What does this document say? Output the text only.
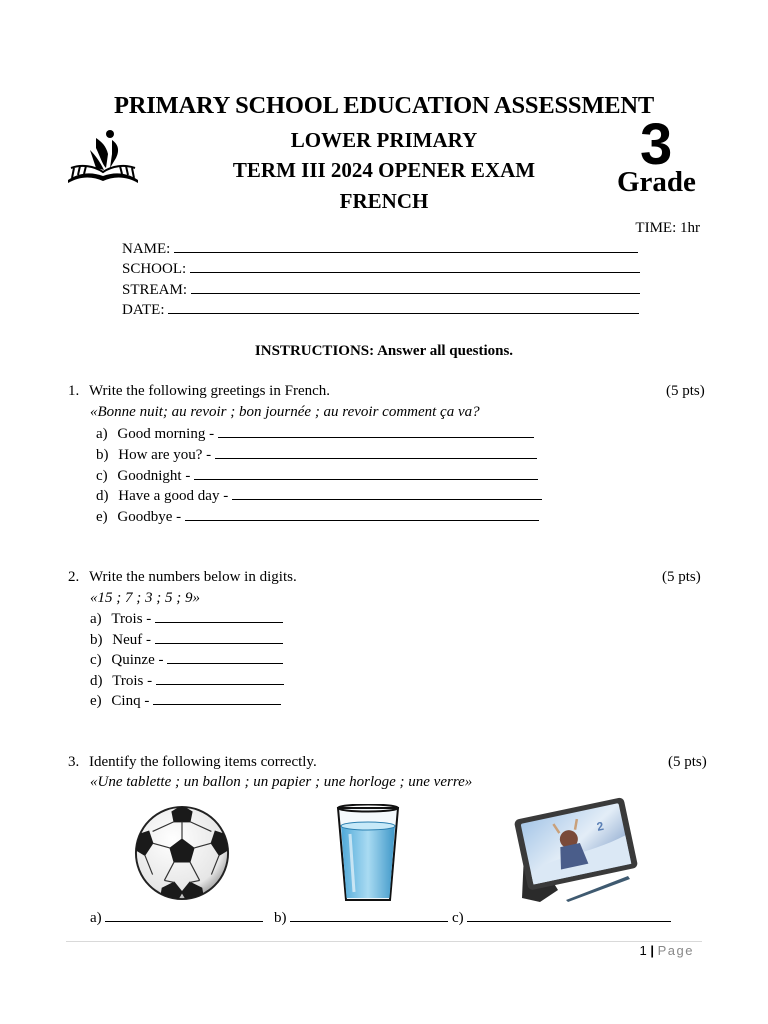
PRIMARY SCHOOL EDUCATION ASSESSMENT
LOWER PRIMARY
TERM III 2024 OPENER EXAM
FRENCH
3
Grade
TIME: 1hr
NAME:
SCHOOL:
STREAM:
DATE:
INSTRUCTIONS: Answer all questions.
1. Write the following greetings in French.	(5 pts)
«Bonne nuit; au revoir ; bon journée ; au revoir comment ça va?
a) Good morning -
b) How are you? -
c) Goodnight -
d) Have a good day -
e) Goodbye -
2. Write the numbers below in digits.	(5 pts)
«15 ; 7 ; 3 ; 5 ; 9»
a) Trois -
b) Neuf -
c) Quinze -
d) Trois -
e) Cinq -
3. Identify the following items correctly.	(5 pts)
«Une tablette ; un ballon ; un papier ; une horloge ; une verre»
2
a)	b)	c)
1 | Page
